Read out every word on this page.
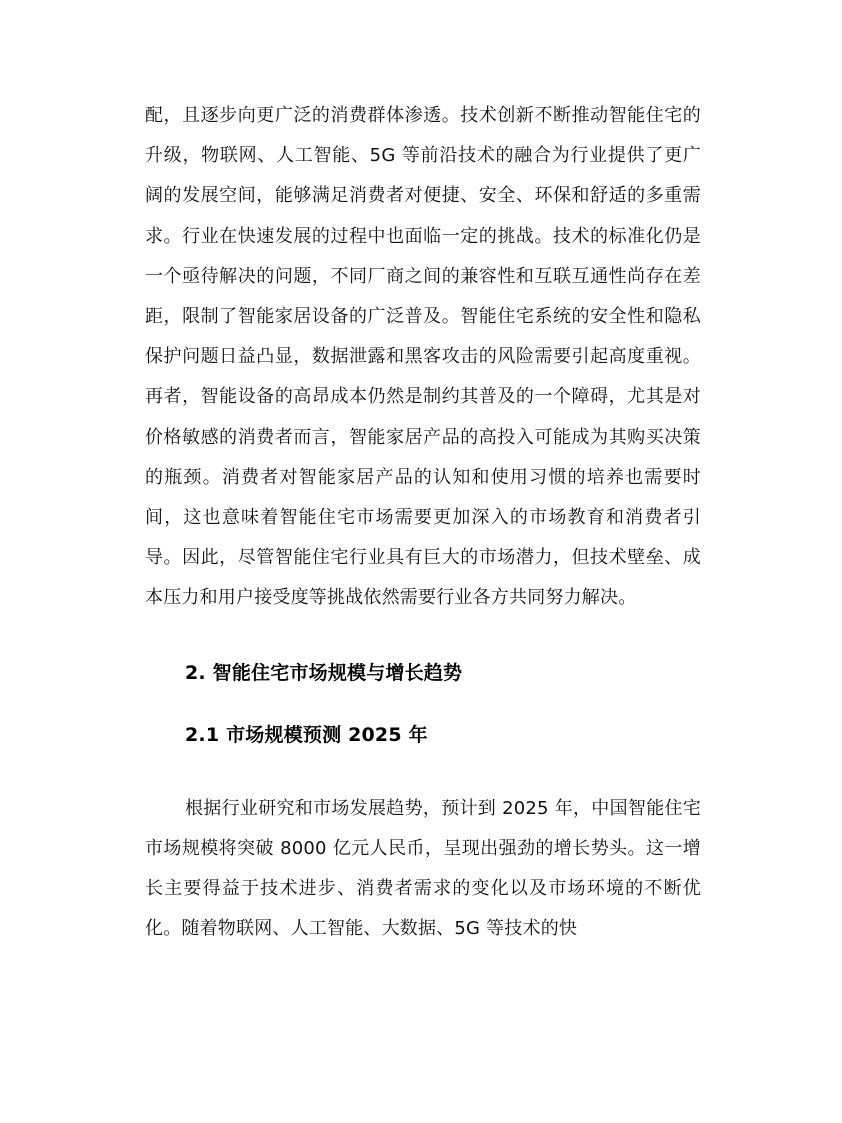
配，且逐步向更广泛的消费群体渗透。技术创新不断推动智能住宅的升级，物联网、人工智能、5G 等前沿技术的融合为行业提供了更广阔的发展空间，能够满足消费者对便捷、安全、环保和舒适的多重需求。行业在快速发展的过程中也面临一定的挑战。技术的标准化仍是一个亟待解决的问题，不同厂商之间的兼容性和互联互通性尚存在差距，限制了智能家居设备的广泛普及。智能住宅系统的安全性和隐私保护问题日益凸显，数据泄露和黑客攻击的风险需要引起高度重视。再者，智能设备的高昂成本仍然是制约其普及的一个障碍，尤其是对价格敏感的消费者而言，智能家居产品的高投入可能成为其购买决策的瓶颈。消费者对智能家居产品的认知和使用习惯的培养也需要时间，这也意味着智能住宅市场需要更加深入的市场教育和消费者引导。因此，尽管智能住宅行业具有巨大的市场潜力，但技术壁垒、成本压力和用户接受度等挑战依然需要行业各方共同努力解决。

2. 智能住宅市场规模与增长趋势
2.1 市场规模预测 2025 年

根据行业研究和市场发展趋势，预计到 2025 年，中国智能住宅市场规模将突破 8000 亿元人民币，呈现出强劲的增长势头。这一增长主要得益于技术进步、消费者需求的变化以及市场环境的不断优化。随着物联网、人工智能、大数据、5G 等技术的快
